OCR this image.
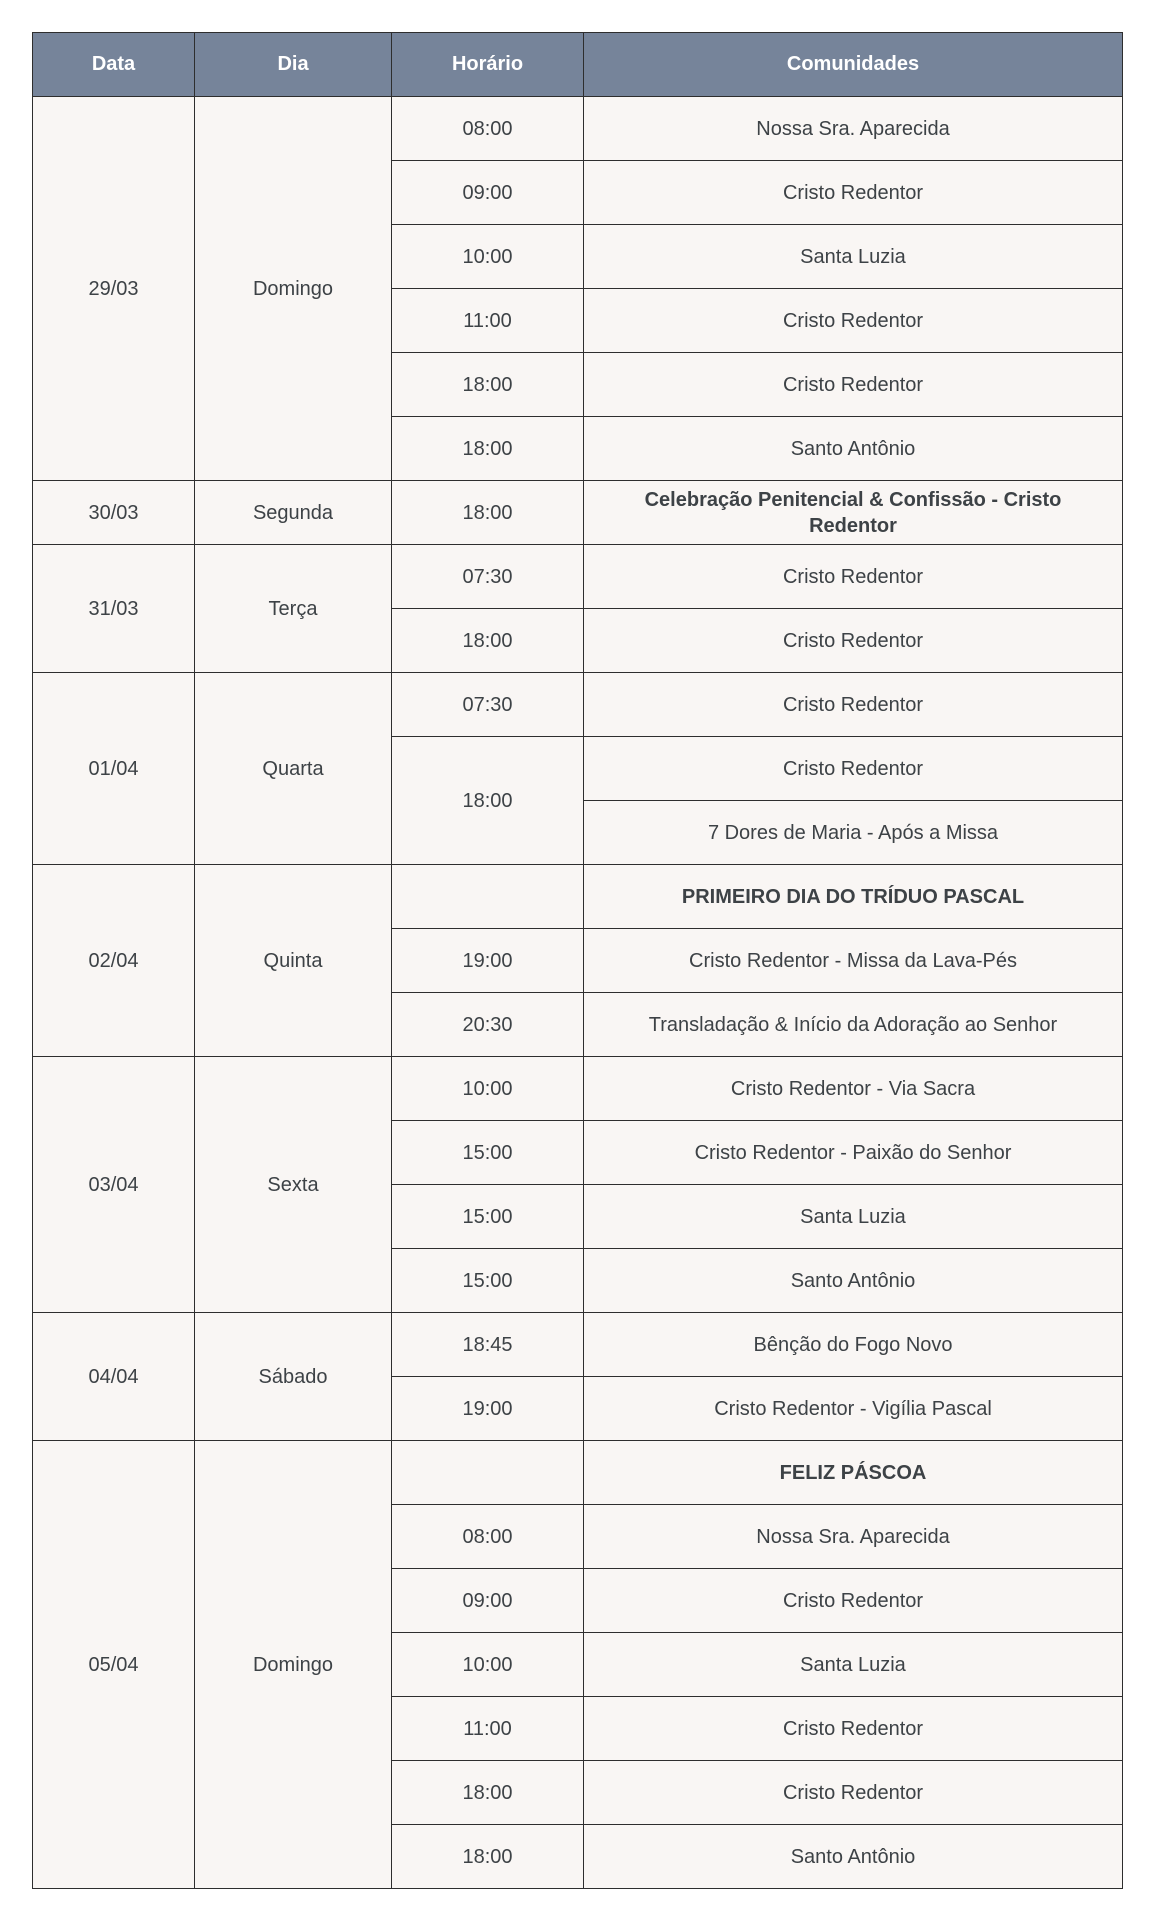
Data	Dia	Horário	Comunidades
29/03	Domingo	08:00	Nossa Sra. Aparecida
		09:00	Cristo Redentor
		10:00	Santa Luzia
		11:00	Cristo Redentor
		18:00	Cristo Redentor
		18:00	Santo Antônio
30/03	Segunda	18:00	Celebração Penitencial & Confissão - Cristo Redentor
31/03	Terça	07:30	Cristo Redentor
		18:00	Cristo Redentor
01/04	Quarta	07:30	Cristo Redentor
		18:00	Cristo Redentor
			7 Dores de Maria - Após a Missa
02/04	Quinta		PRIMEIRO DIA DO TRÍDUO PASCAL
		19:00	Cristo Redentor - Missa da Lava-Pés
		20:30	Transladação & Início da Adoração ao Senhor
03/04	Sexta	10:00	Cristo Redentor - Via Sacra
		15:00	Cristo Redentor - Paixão do Senhor
		15:00	Santa Luzia
		15:00	Santo Antônio
04/04	Sábado	18:45	Bênção do Fogo Novo
		19:00	Cristo Redentor - Vigília Pascal
05/04	Domingo		FELIZ PÁSCOA
		08:00	Nossa Sra. Aparecida
		09:00	Cristo Redentor
		10:00	Santa Luzia
		11:00	Cristo Redentor
		18:00	Cristo Redentor
		18:00	Santo Antônio
